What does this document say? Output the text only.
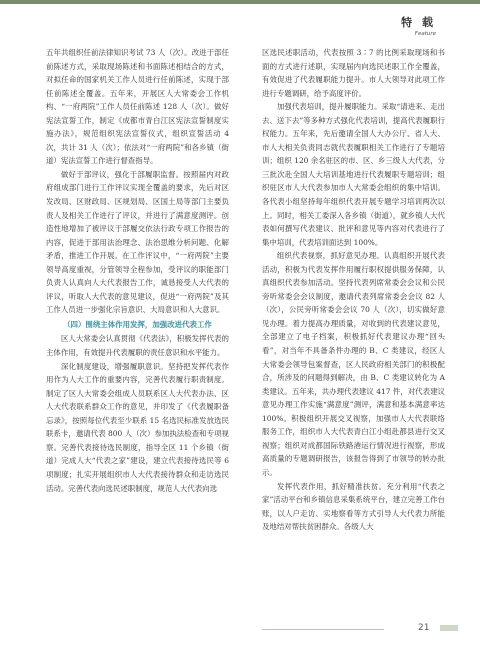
特 载
Feature

五年共组织任前法律知识考试 73 人（次）。改进于部任前陈述方式，采取现场陈述和书面陈述相结合的方式，对拟任命的国家机关工作人员进行任前陈述，实现于部任前陈述全覆盖。五年来，开展区人大常委会工作机构、“一府两院”工作人员任前陈述 128 人（次）。做好宪法宣誓工作，制定《成都市青白江区宪法宣誓制度实施办法》，规范组织宪法宣誓仪式，组织宣誓活动 4 次，共计 31 人（次）；依法对“一府两院”和各乡镇（街道）宪法宣誓工作进行督查指导。

做好于部评议，强化于部履职监督。按照届内对政府组成部门进行工作评议实现全覆盖的要求，先后对区发改局、区财政局、区规划局、区国土局等部门主要负责人及相关工作进行了评议，并进行了满意度测评。创造性地增加了被评议于部履交依法行政专项工作报告的内容，促进于部用法治理念、法治思维分析问题、化解矛盾，推进工作开展。在工作评议中，“一府两院”主要领导高度重视，分管领导全程参加，受评议的职能部门负责人认真向人大代表报告工作，诚恳接受人大代表的评议，听取人大代表的意见建议，促进“一府两院”及其工作人员进一步强化宗旨意识、大局意识和人大意识。

（四）围绕主体作用发挥，加强改进代表工作

区人大常委会认真贯彻《代表法》，积极发挥代表的主体作用，有效提升代表履职的责任意识和水平能力。

深化制度建设，增强履职意识。坚持把发挥代表作用作为人大工作的重要内容，完善代表履行职责制度。制定了区人大常委会组成人员联系区人大代表办法、区人大代表联系群众工作的意见，并印发了《代表履职备忘录》，按照每位代表至少联系 15 名选民标准发放选民联系卡，邀请代表 800 人（次）参加执法检查和专项视察。完善代表接待选民制度，指导全区 11 个乡镇（街道）完成人大“代表之家”建设，建立代表接待选民等 6 项制度；扎实开展组织市人大代表接待群众和走访选民活动。完善代表向选民述职制度，规范人大代表向选

区选民述职活动，代表按照 3∶7 的比例采取现场和书面的方式进行述职，实现届内向选民述职工作全覆盖，有效促进了代表履职能力提升。市人大领导对此项工作进行专题调研，给予高度评价。

加强代表培训，提升履职能力。采取“请进来、走出去、送下去”等多种方式强化代表培训，提高代表履职行权能力。五年来，先后邀请全国人大办公厅、省人大、市人大相关负责同志就代表履职相关工作进行了专题培训；组织 120 余名驻区的市、区、乡三级人大代表，分三批次赴全国人大培训基地进行代表履职专题培训；组织驻区市人大代表参加市人大常委会组织的集中培训。各代表小组坚持每年组织代表开展专题学习培训两次以上。同时，相关工委深入各乡镇（街道），就乡镇人大代表如何撰写代表建议、批评和意见等内容对代表进行了集中培训，代表培训面达到 100%。

组织代表视察，抓好意见办理。认真组织开展代表活动，积极为代表发挥作用履行职权提供服务保障，认真组织代表参加活动。坚持代表列席常委会会议和公民旁听常委会会议制度，邀请代表列席常委会会议 82 人（次），公民旁听常委会会议 70 人（次），切实做好意见办理。着力提高办理质量，对收到的代表建议意见，全部建立了电子档案，积极抓好代表建议办理“回头看”，对当年不具备条件办理的 B、C 类建议，经区人大常委会领导包案督查，区人民政府相关部门的积极配合，所涉及的问题得到解决，由 B、C 类建议转化为 A 类建议。五年来，共办理代表建议 417 件，对代表建议意见办理工作实施“满意度”测评，满意和基本满意率达 100%。积极组织开展交叉视察，加强市人大代表联络服务工作，组织市人大代表青白江小组赴都县进行交叉视察；组织对成都国际铁路港运行情况进行视察，形成高质量的专题调研报告，该报告得到了市领导的转办批示。

发挥代表作用，抓好精准扶贫。充分利用“代表之家”活动平台和乡镇信息采集系统平台，建立完善工作台账，以人户走访、实地察看等方式引导人大代表力所能及地结对帮扶贫困群众。各级人大

21
